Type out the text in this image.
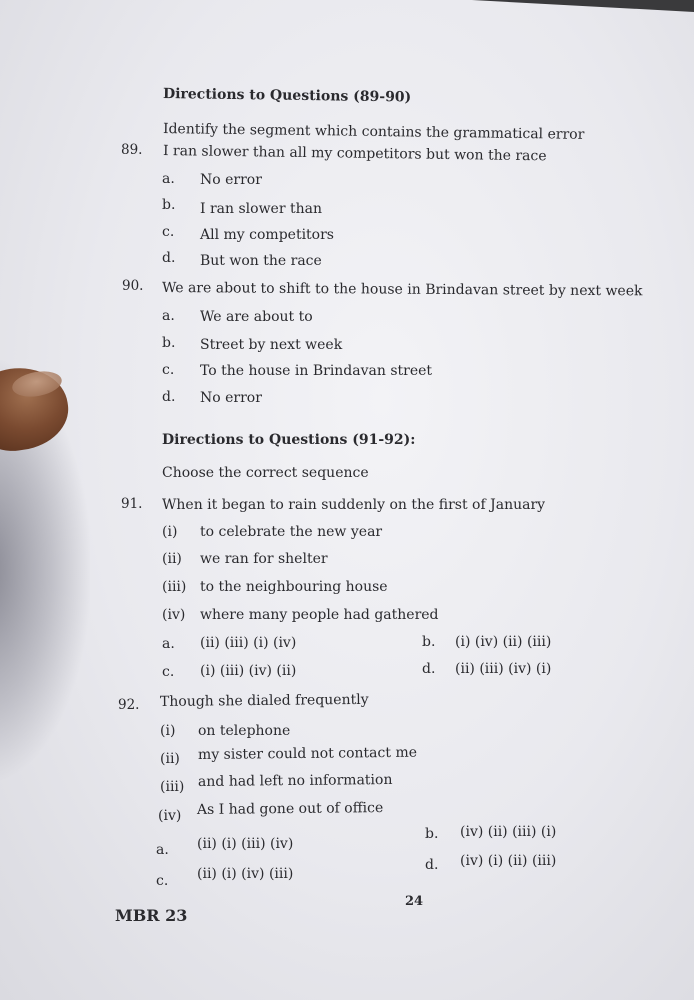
Directions to Questions (89-90)
Identify the segment which contains the grammatical error
89. I ran slower than all my competitors but won the race
a. No error
b. I ran slower than
c. All my competitors
d. But won the race
90. We are about to shift to the house in Brindavan street by next week
a. We are about to
b. Street by next week
c. To the house in Brindavan street
d. No error
Directions to Questions (91-92):
Choose the correct sequence
91. When it began to rain suddenly on the first of January
(i) to celebrate the new year
(ii) we ran for shelter
(iii) to the neighbouring house
(iv) where many people had gathered
a. (ii) (iii) (i) (iv)	b. (i) (iv) (ii) (iii)
c. (i) (iii) (iv) (ii)	d. (ii) (iii) (iv) (i)
92. Though she dialed frequently
(i) on telephone
(ii) my sister could not contact me
(iii) and had left no information
(iv) As I had gone out of office
a. (ii) (i) (iii) (iv)
b. (iv) (ii) (iii) (i)
c. (ii) (i) (iv) (iii)
d. (iv) (i) (ii) (iii)
24
MBR 23
